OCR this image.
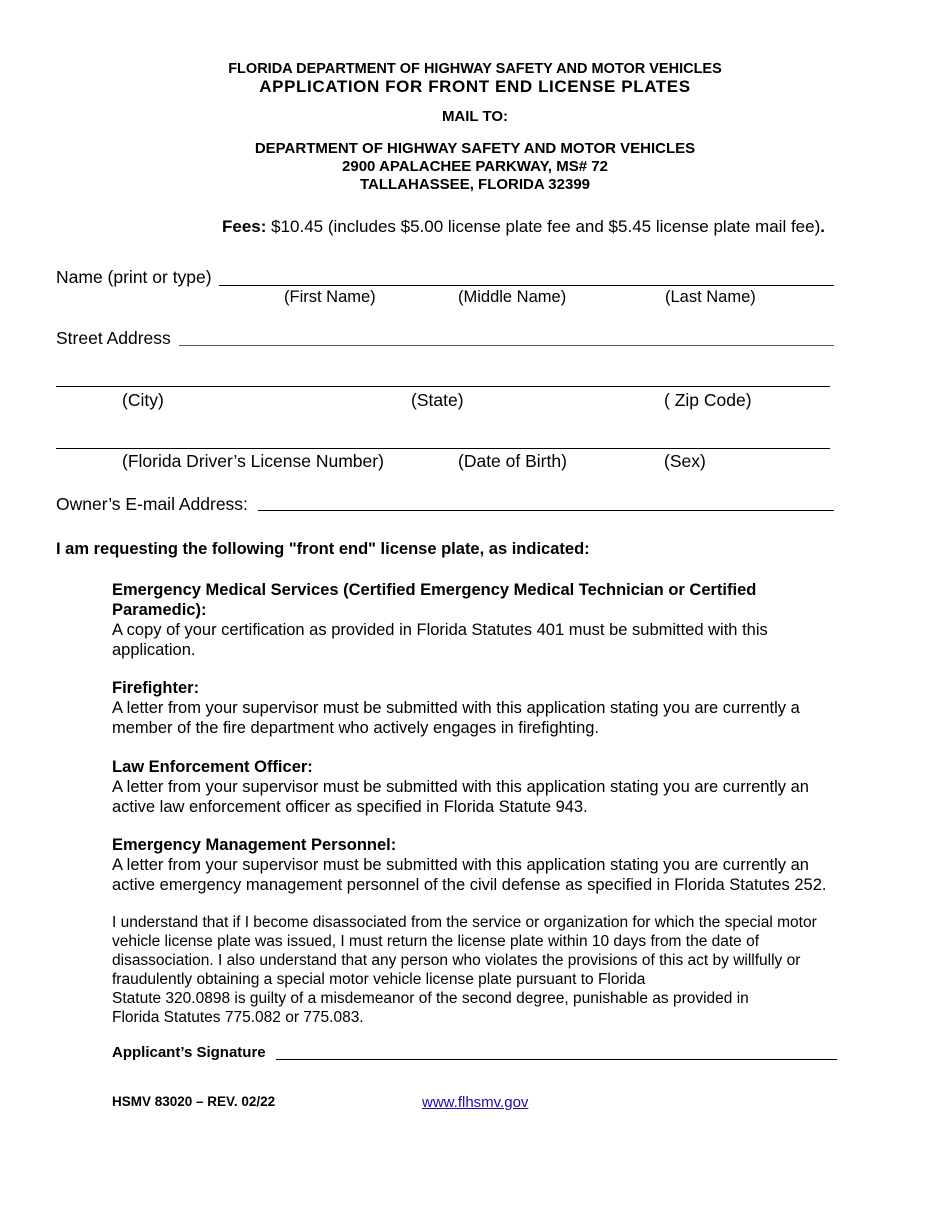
FLORIDA DEPARTMENT OF HIGHWAY SAFETY AND MOTOR VEHICLES
APPLICATION FOR FRONT END LICENSE PLATES
MAIL TO:
DEPARTMENT OF HIGHWAY SAFETY AND MOTOR VEHICLES
2900 APALACHEE PARKWAY, MS# 72
TALLAHASSEE, FLORIDA 32399
Fees: $10.45 (includes $5.00 license plate fee and $5.45 license plate mail fee).
Name (print or type)
(First Name)	(Middle Name)	(Last Name)
Street Address
(City)	(State)	( Zip Code)
(Florida Driver’s License Number)	(Date of Birth)	(Sex)
Owner’s E-mail Address:
I am requesting the following "front end" license plate, as indicated:
Emergency Medical Services (Certified Emergency Medical Technician or Certified Paramedic):
A copy of your certification as provided in Florida Statutes 401 must be submitted with this application.
Firefighter:
A letter from your supervisor must be submitted with this application stating you are currently a member of the fire department who actively engages in firefighting.
Law Enforcement Officer:
A letter from your supervisor must be submitted with this application stating you are currently an active law enforcement officer as specified in Florida Statute 943.
Emergency Management Personnel:
A letter from your supervisor must be submitted with this application stating you are currently an active emergency management personnel of the civil defense as specified in Florida Statutes 252.
I understand that if I become disassociated from the service or organization for which the special motor
vehicle license plate was issued, I must return the license plate within 10 days from the date of
disassociation. I also understand that any person who violates the provisions of this act by willfully or
fraudulently obtaining a special motor vehicle license plate pursuant to Florida
Statute 320.0898 is guilty of a misdemeanor of the second degree, punishable as provided in
Florida Statutes 775.082 or 775.083.
Applicant’s Signature
HSMV 83020 – REV. 02/22	www.flhsmv.gov
